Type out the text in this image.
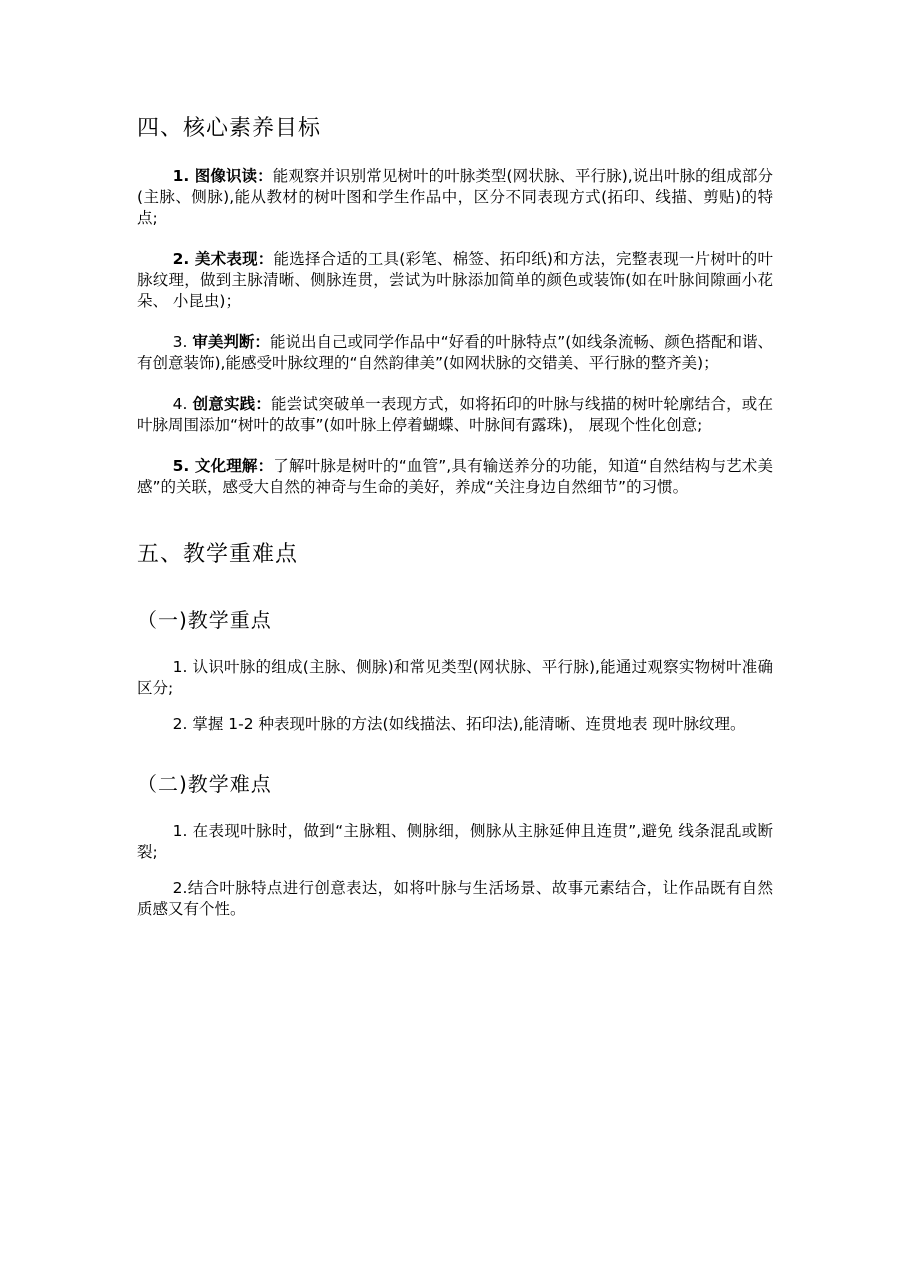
四、核心素养目标

1. 图像识读：能观察并识别常见树叶的叶脉类型(网状脉、平行脉),说出叶脉的组成部分(主脉、侧脉),能从教材的树叶图和学生作品中，区分不同表现方式(拓印、线描、剪贴)的特点;

2. 美术表现：能选择合适的工具(彩笔、棉签、拓印纸)和方法，完整表现一片树叶的叶脉纹理，做到主脉清晰、侧脉连贯，尝试为叶脉添加简单的颜色或装饰(如在叶脉间隙画小花朵、 小昆虫)；

3. 审美判断：能说出自己或同学作品中“好看的叶脉特点”(如线条流畅、颜色搭配和谐、有创意装饰),能感受叶脉纹理的“自然韵律美”(如网状脉的交错美、平行脉的整齐美)；

4. 创意实践：能尝试突破单一表现方式，如将拓印的叶脉与线描的树叶轮廓结合，或在叶脉周围添加“树叶的故事”(如叶脉上停着蝴蝶、叶脉间有露珠)， 展现个性化创意;

5. 文化理解：了解叶脉是树叶的“血管”,具有输送养分的功能，知道“自然结构与艺术美感”的关联，感受大自然的神奇与生命的美好，养成“关注身边自然细节”的习惯。

五、教学重难点
（一)教学重点

1. 认识叶脉的组成(主脉、侧脉)和常见类型(网状脉、平行脉),能通过观察实物树叶准确区分;

2. 掌握 1-2 种表现叶脉的方法(如线描法、拓印法),能清晰、连贯地表 现叶脉纹理。

（二)教学难点

1. 在表现叶脉时，做到“主脉粗、侧脉细，侧脉从主脉延伸且连贯”,避免 线条混乱或断裂;

2.结合叶脉特点进行创意表达，如将叶脉与生活场景、故事元素结合，让作品既有自然质感又有个性。
